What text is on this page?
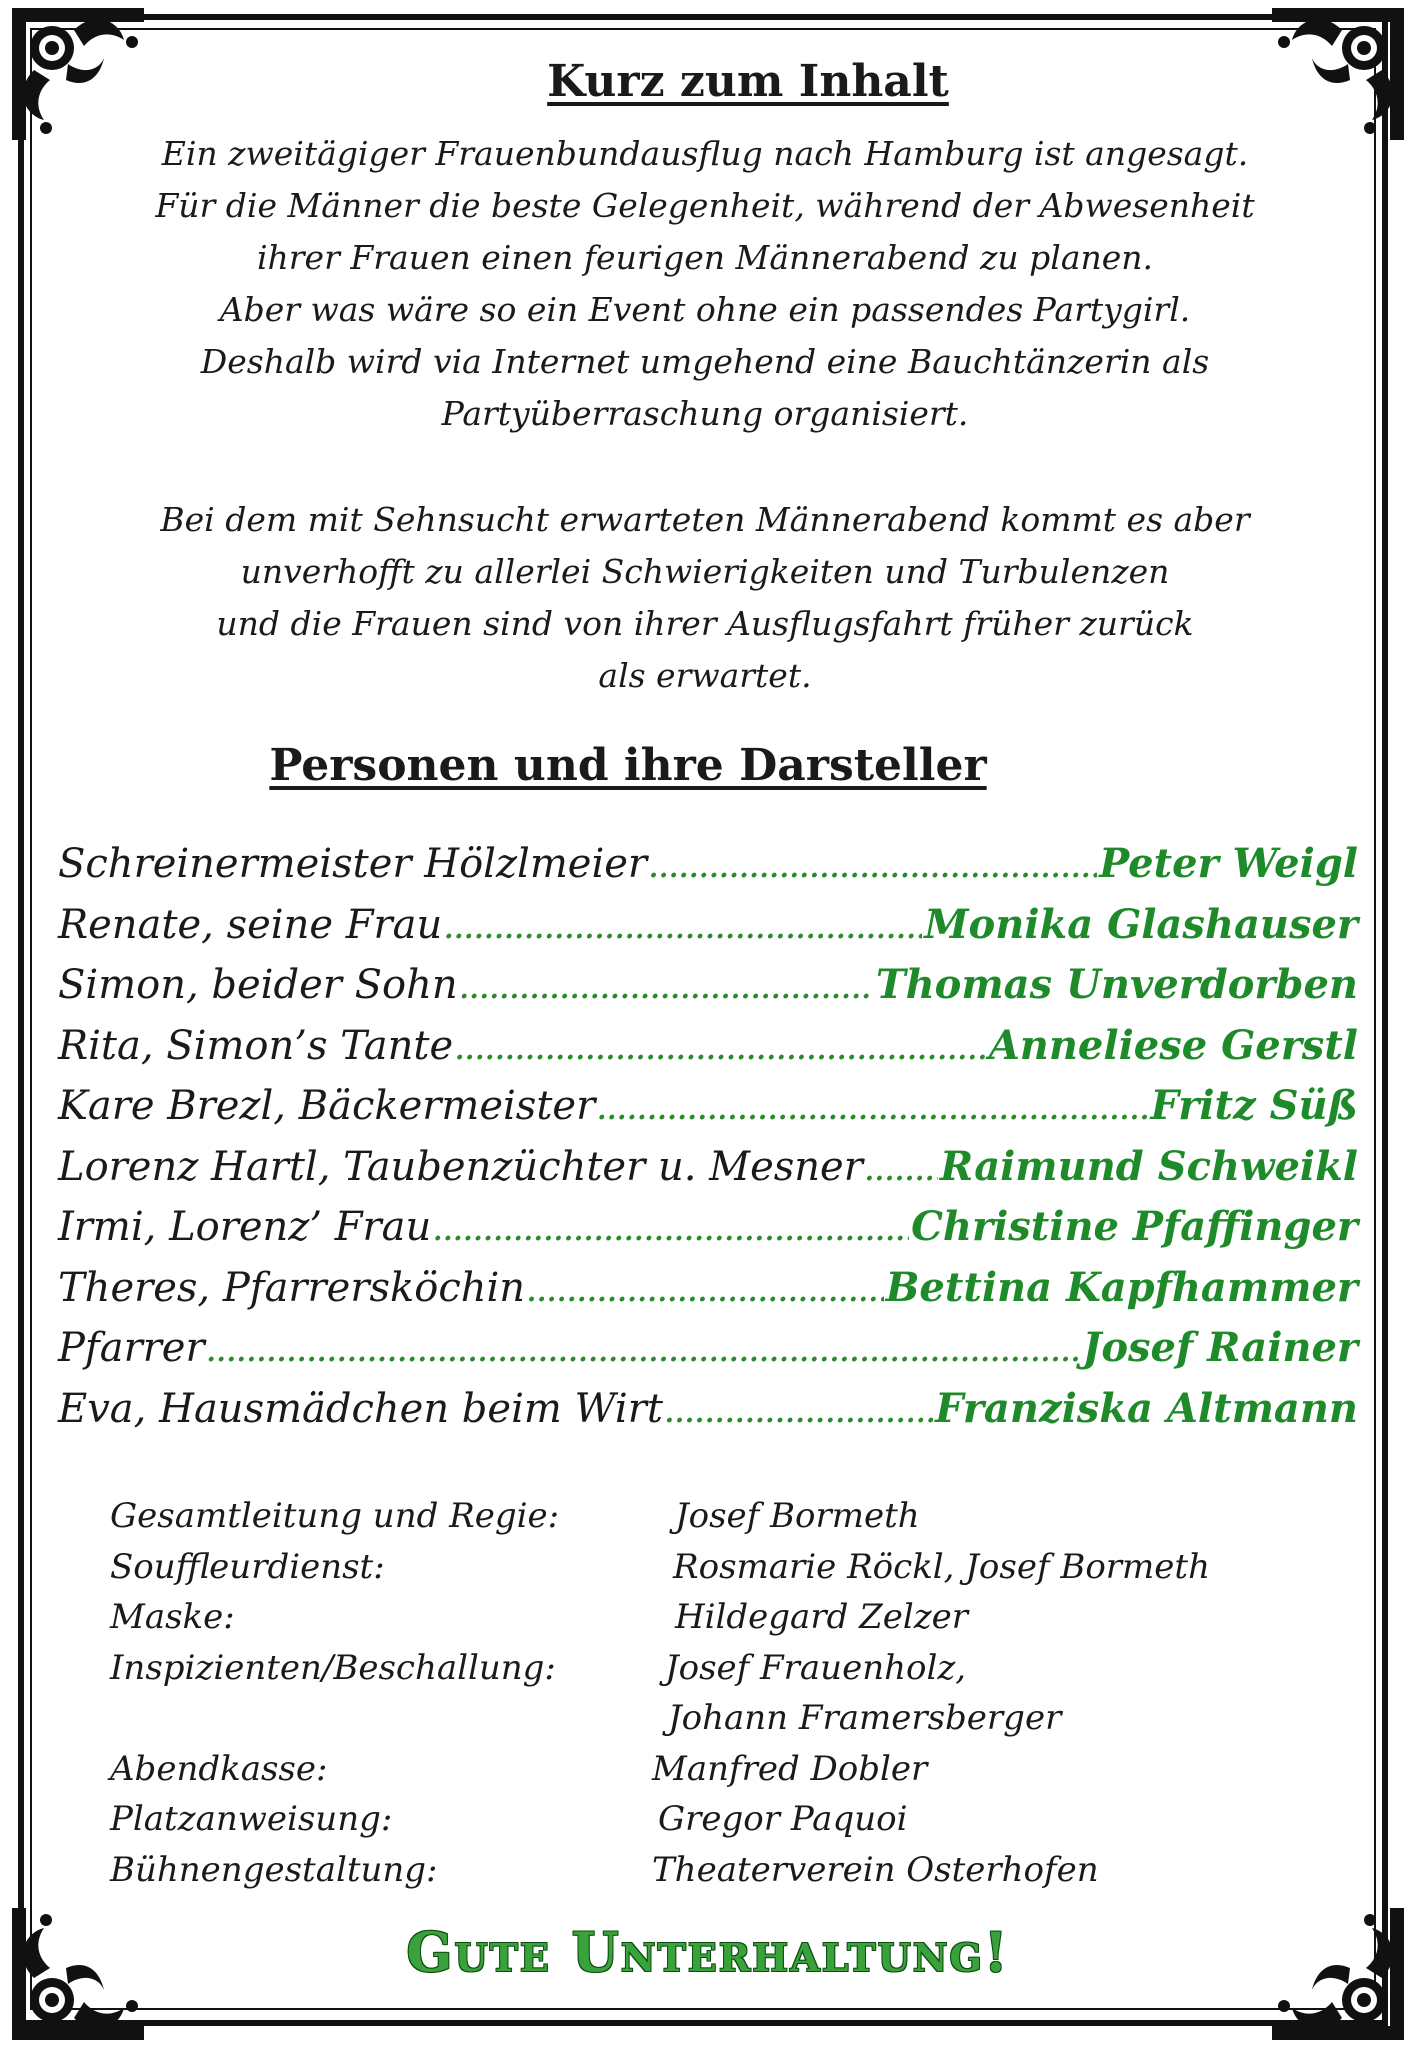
Kurz zum Inhalt
Ein zweitägiger Frauenbundausflug nach Hamburg ist angesagt.
Für die Männer die beste Gelegenheit, während der Abwesenheit
ihrer Frauen einen feurigen Männerabend zu planen.
Aber was wäre so ein Event ohne ein passendes Partygirl.
Deshalb wird via Internet umgehend eine Bauchtänzerin als
Partyüberraschung organisiert.
Bei dem mit Sehnsucht erwarteten Männerabend kommt es aber
unverhofft zu allerlei Schwierigkeiten und Turbulenzen
und die Frauen sind von ihrer Ausflugsfahrt früher zurück
als erwartet.
Personen und ihre Darsteller
Schreinermeister Hölzlmeier .....	Peter Weigl
Renate, seine Frau .....	Monika Glashauser
Simon, beider Sohn .....	Thomas Unverdorben
Rita, Simon’s Tante .....	Anneliese Gerstl
Kare Brezl, Bäckermeister .....	Fritz Süß
Lorenz Hartl, Taubenzüchter u. Mesner ..... Raimund Schweikl
Irmi, Lorenz’ Frau .....	Christine Pfaffinger
Theres, Pfarrersköchin .....	Bettina Kapfhammer
Pfarrer .....	Josef Rainer
Eva, Hausmädchen beim Wirt .....	Franziska Altmann
Gesamtleitung und Regie:	Josef Bormeth
Souffleurdienst:	Rosmarie Röckl, Josef Bormeth
Maske:	Hildegard Zelzer
Inspizienten/Beschallung:	Josef Frauenholz,
Johann Framersberger
Abendkasse:	Manfred Dobler
Platzanweisung:	Gregor Paquoi
Bühnengestaltung:	Theaterverein Osterhofen
Gute Unterhaltung!
